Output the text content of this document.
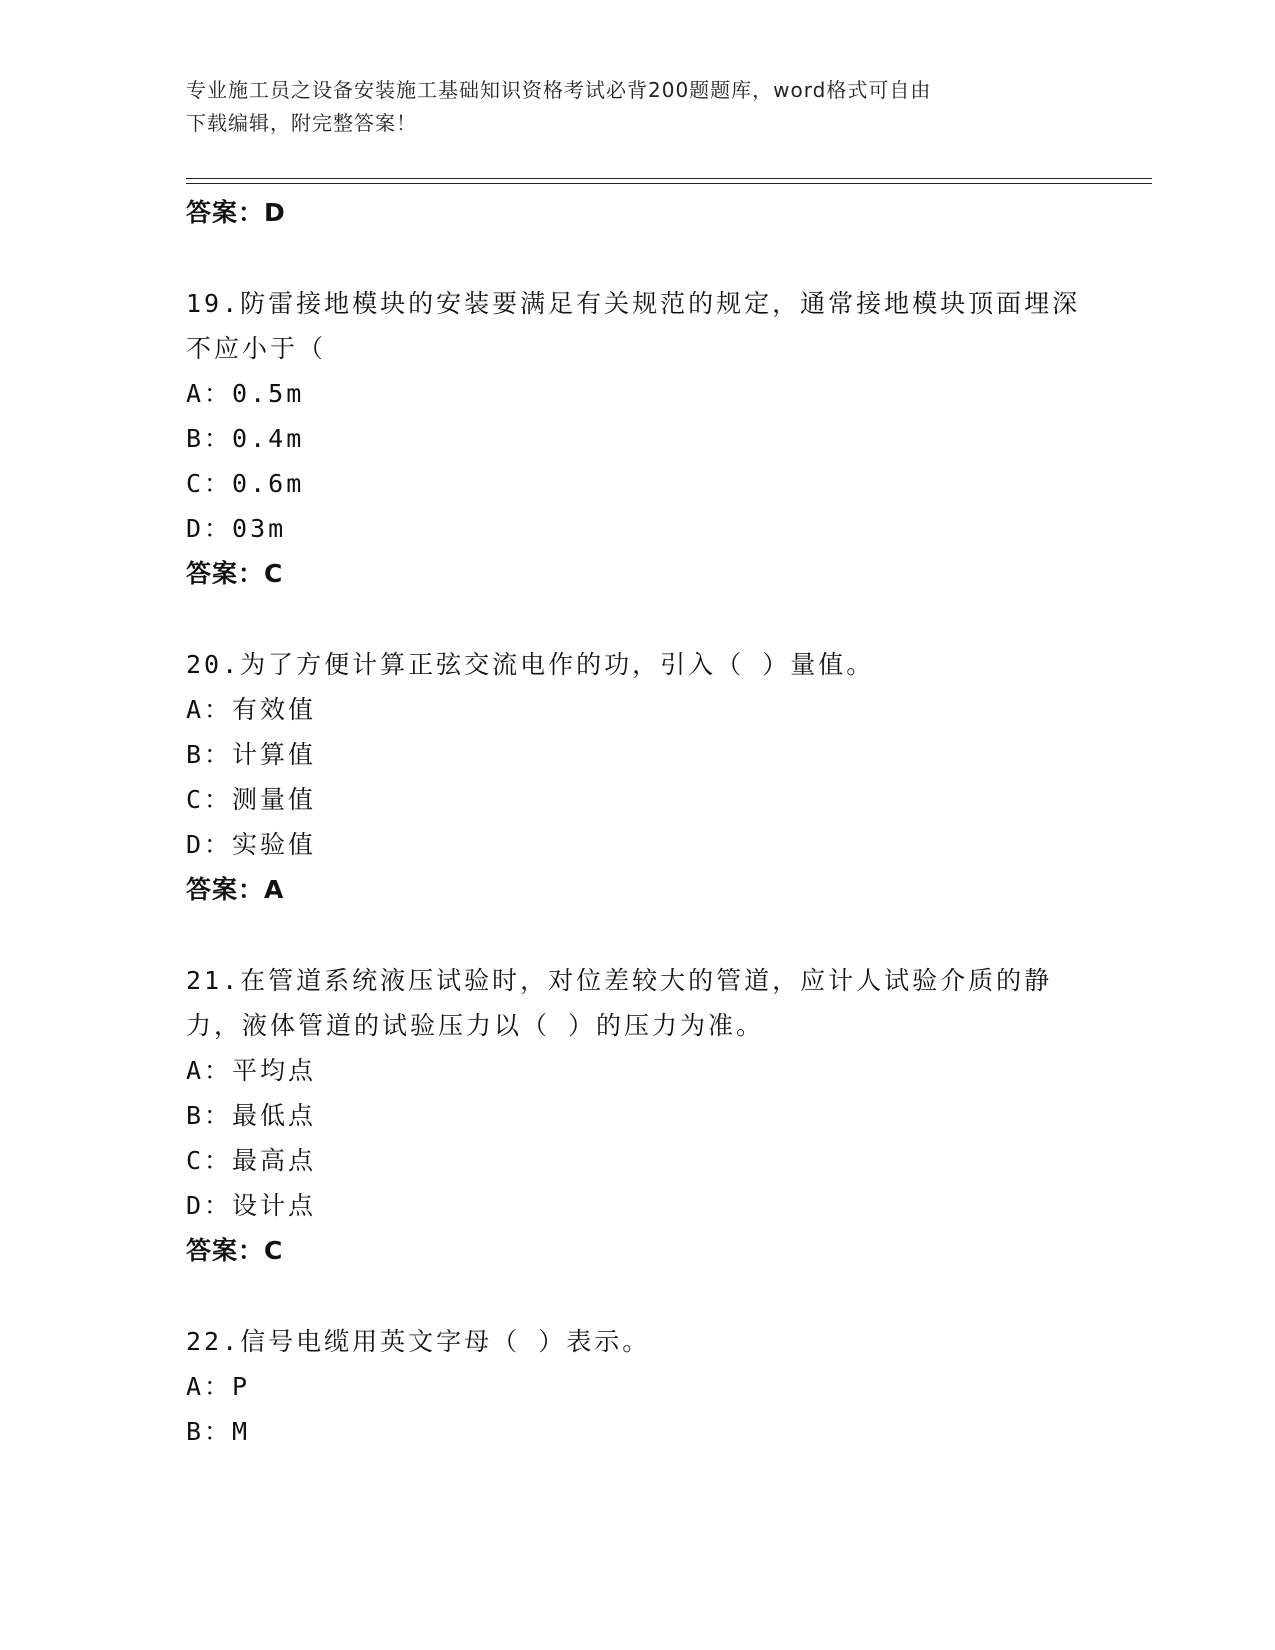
专业施工员之设备安装施工基础知识资格考试必背200题题库，word格式可自由
下载编辑，附完整答案！
答案：D
19.防雷接地模块的安装要满足有关规范的规定，通常接地模块顶面埋深不应小于（
A：0.5m
B：0.4m
C：0.6m
D：03m
答案：C
20.为了方便计算正弦交流电作的功，引入（ ）量值。
A：有效值
B：计算值
C：测量值
D：实验值
答案：A
21.在管道系统液压试验时，对位差较大的管道，应计人试验介质的静力，液体管道的试验压力以（ ）的压力为准。
A：平均点
B：最低点
C：最高点
D：设计点
答案：C
22.信号电缆用英文字母（ ）表示。
A：P
B：M
